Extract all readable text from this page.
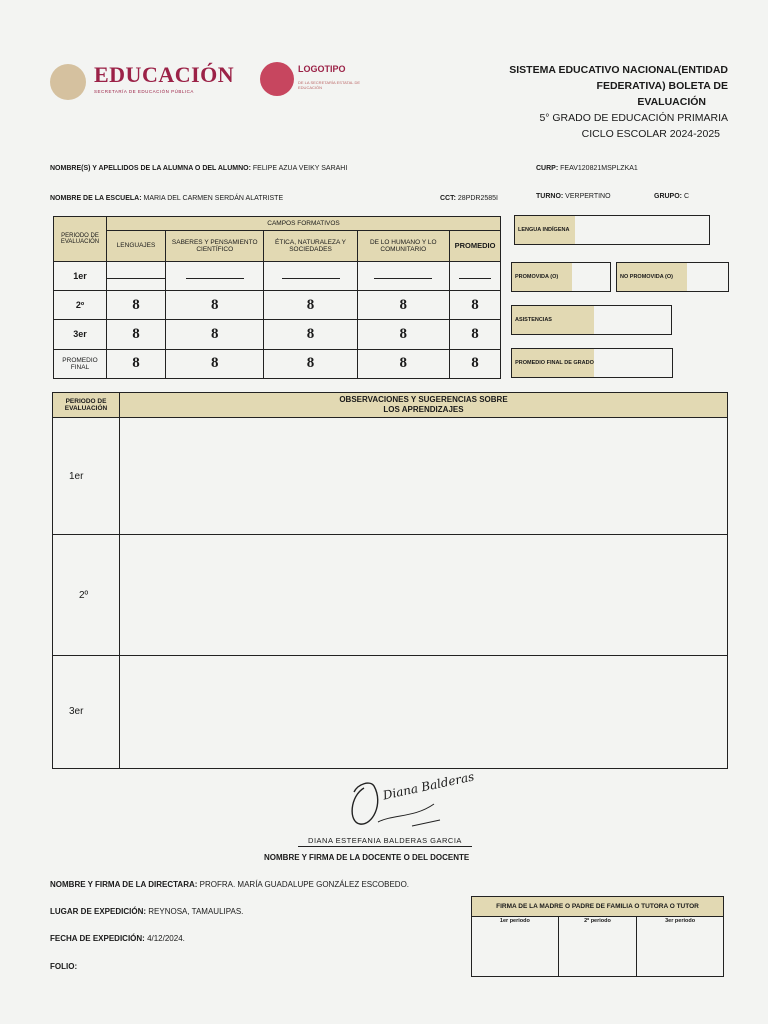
EDUCACIÓN
SECRETARÍA DE EDUCACIÓN PÚBLICA
LOGOTIPO
DE LA SECRETARÍA ESTATAL DE EDUCACIÓN
SISTEMA EDUCATIVO NACIONAL(ENTIDAD
FEDERATIVA) BOLETA DE
EVALUACIÓN
5° GRADO DE EDUCACIÓN PRIMARIA
CICLO ESCOLAR 2024-2025
NOMBRE(S) Y APELLIDOS DE LA ALUMNA O DEL ALUMNO: FELIPE AZUA VEIKY SARAHI	CURP: FEAV120821MSPLZKA1
NOMBRE DE LA ESCUELA: MARIA DEL CARMEN SERDÁN ALATRISTE	CCT: 28PDR2585I	TURNO: VERPERTINO	GRUPO: C
PERIODO DE EVALUACIÓN	CAMPOS FORMATIVOS				
	LENGUAJES	SABERES Y PENSAMIENTO CIENTÍFICO	ÉTICA, NATURALEZA Y SOCIEDADES	DE LO HUMANO Y LO COMUNITARIO	PROMEDIO
1er					
2º	8	8	8	8	8
3er	8	8	8	8	8
PROMEDIO FINAL	8	8	8	8	8
LENGUA INDÍGENA
PROMOVIDA (O)	NO PROMOVIDA (O)
ASISTENCIAS
PROMEDIO FINAL DE GRADO
PERIODO DE EVALUACIÓN	OBSERVACIONES Y SUGERENCIAS SOBRE
LOS APRENDIZAJES

1er	
2º	
3er	
Diana Balderas
DIANA ESTEFANIA BALDERAS GARCIA
NOMBRE Y FIRMA DE LA DOCENTE O DEL DOCENTE
NOMBRE Y FIRMA DE LA DIRECTARA: PROFRA. MARÍA GUADALUPE GONZÁLEZ ESCOBEDO.
LUGAR DE EXPEDICIÓN: REYNOSA, TAMAULIPAS.
FECHA DE EXPEDICIÓN: 4/12/2024.
FOLIO:
FIRMA DE LA MADRE O PADRE DE FAMILIA O TUTORA O TUTOR
1er periodo	2º periodo	3er periodo
